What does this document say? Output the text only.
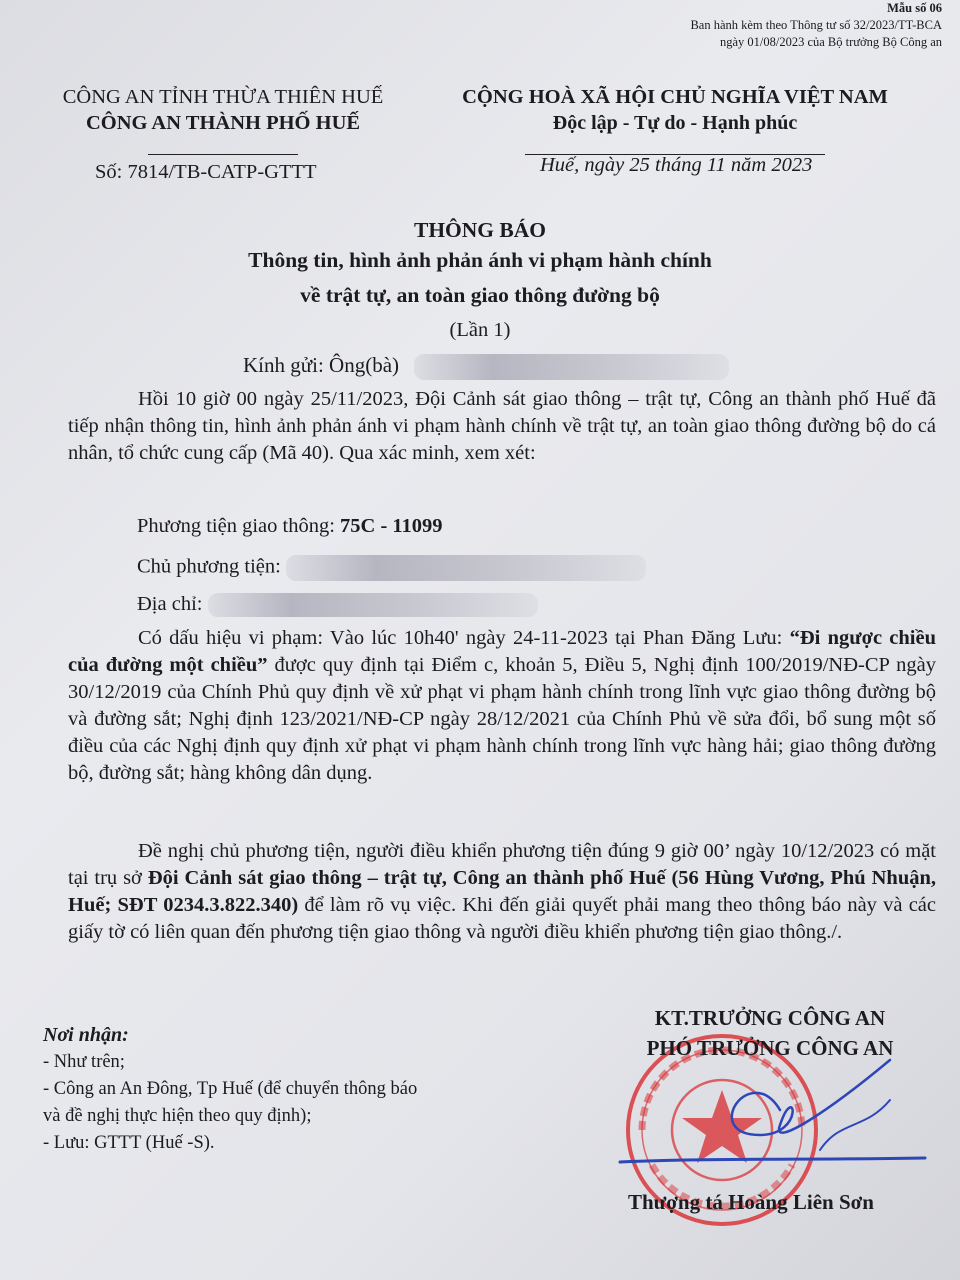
Mẫu số 06
Ban hành kèm theo Thông tư số 32/2023/TT-BCA
ngày 01/08/2023 của Bộ trưởng Bộ Công an
CÔNG AN TỈNH THỪA THIÊN HUẾ
CÔNG AN THÀNH PHỐ HUẾ
CỘNG HOÀ XÃ HỘI CHỦ NGHĨA VIỆT NAM
Độc lập - Tự do - Hạnh phúc
Số: 7814/TB-CATP-GTTT	Huế, ngày 25 tháng 11 năm 2023
THÔNG BÁO
Thông tin, hình ảnh phản ánh vi phạm hành chính
về trật tự, an toàn giao thông đường bộ
(Lần 1)
Kính gửi: Ông(bà)

Hồi 10 giờ 00 ngày 25/11/2023, Đội Cảnh sát giao thông – trật tự, Công an thành phố Huế đã tiếp nhận thông tin, hình ảnh phản ánh vi phạm hành chính về trật tự, an toàn giao thông đường bộ do cá nhân, tổ chức cung cấp (Mã 40). Qua xác minh, xem xét:

Phương tiện giao thông: 75C - 11099
Chủ phương tiện:
Địa chỉ:

Có dấu hiệu vi phạm: Vào lúc 10h40' ngày 24-11-2023 tại Phan Đăng Lưu: “Đi ngược chiều của đường một chiều” được quy định tại Điểm c, khoản 5, Điều 5, Nghị định 100/2019/NĐ-CP ngày 30/12/2019 của Chính Phủ quy định về xử phạt vi phạm hành chính trong lĩnh vực giao thông đường bộ và đường sắt; Nghị định 123/2021/NĐ-CP ngày 28/12/2021 của Chính Phủ về sửa đổi, bổ sung một số điều của các Nghị định quy định xử phạt vi phạm hành chính trong lĩnh vực hàng hải; giao thông đường bộ, đường sắt; hàng không dân dụng.

Đề nghị chủ phương tiện, người điều khiển phương tiện đúng 9 giờ 00’ ngày 10/12/2023 có mặt tại trụ sở Đội Cảnh sát giao thông – trật tự, Công an thành phố Huế (56 Hùng Vương, Phú Nhuận, Huế; SĐT 0234.3.822.340) để làm rõ vụ việc. Khi đến giải quyết phải mang theo thông báo này và các giấy tờ có liên quan đến phương tiện giao thông và người điều khiển phương tiện giao thông./.

Nơi nhận:
- Như trên;
- Công an An Đông, Tp Huế (để chuyển thông báo
và đề nghị thực hiện theo quy định);
- Lưu: GTTT (Huế -S).
KT.TRƯỞNG CÔNG AN
PHÓ TRƯỞNG CÔNG AN
Thượng tá Hoàng Liên Sơn
